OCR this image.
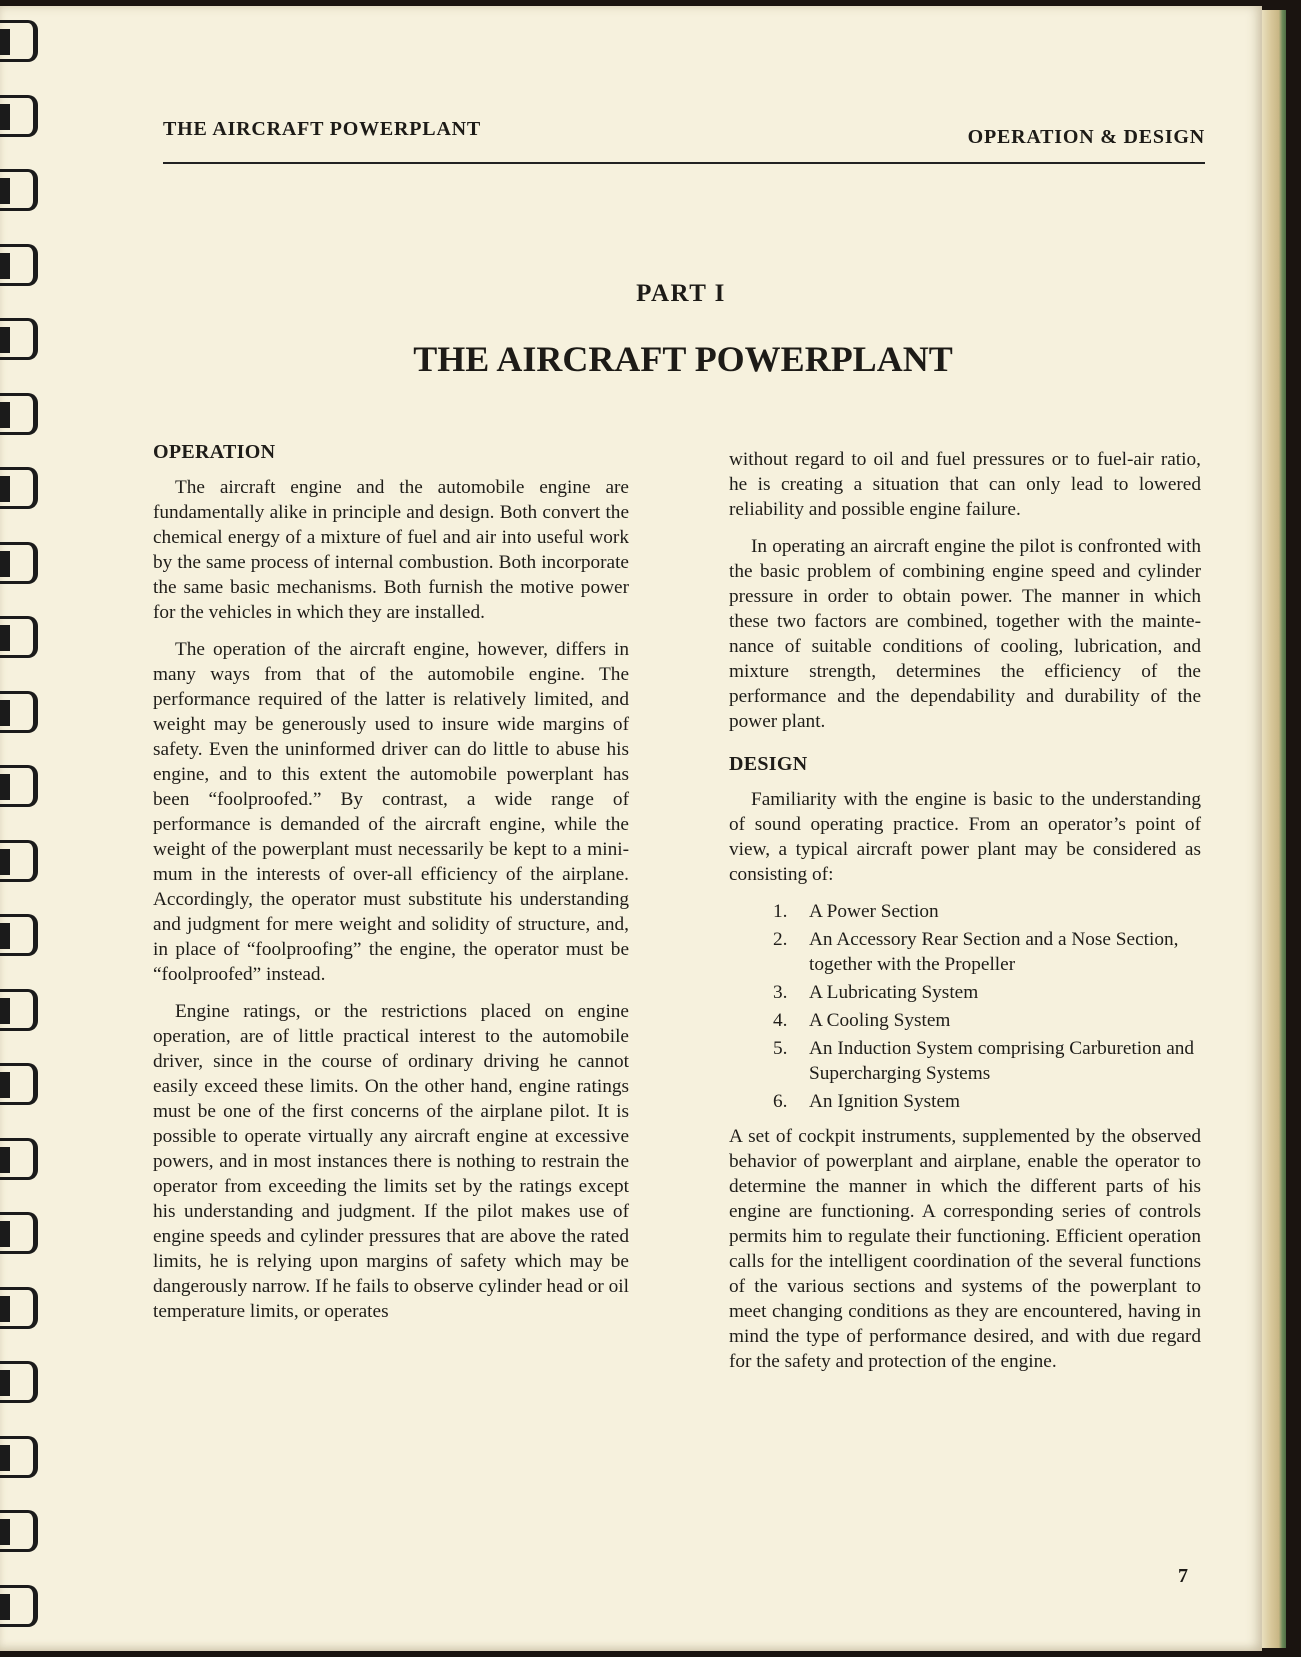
THE AIRCRAFT POWERPLANT	OPERATION & DESIGN
PART I
THE AIRCRAFT POWERPLANT
OPERATION

The aircraft engine and the automobile engine are fundamentally alike in principle and design. Both convert the chemical energy of a mixture of fuel and air into useful work by the same process of internal combustion. Both incorporate the same basic mechanisms. Both furnish the motive power for the vehicles in which they are installed.

The operation of the aircraft engine, however, differs in many ways from that of the automobile engine. The performance required of the latter is relatively limited, and weight may be generously used to insure wide margins of safety. Even the uninformed driver can do little to abuse his engine, and to this extent the automobile powerplant has been “foolproofed.” By contrast, a wide range of performance is demanded of the aircraft engine, while the weight of the powerplant must necessarily be kept to a minimum in the interests of over-all efficiency of the airplane. Accordingly, the operator must substitute his understanding and judgment for mere weight and solidity of structure, and, in place of “foolproofing” the engine, the operator must be “foolproofed” instead.

Engine ratings, or the restrictions placed on engine operation, are of little practical interest to the automobile driver, since in the course of ordinary driving he cannot easily exceed these limits. On the other hand, engine ratings must be one of the first concerns of the airplane pilot. It is possible to operate virtually any aircraft engine at excessive powers, and in most instances there is nothing to restrain the operator from exceeding the limits set by the ratings except his understanding and judgment. If the pilot makes use of engine speeds and cylinder pressures that are above the rated limits, he is relying upon margins of safety which may be dangerously narrow. If he fails to observe cylinder head or oil temperature limits, or operates

without regard to oil and fuel pressures or to fuel-air ratio, he is creating a situation that can only lead to lowered reliability and possible engine failure.

In operating an aircraft engine the pilot is confronted with the basic problem of combining engine speed and cylinder pressure in order to obtain power. The manner in which these two factors are combined, together with the maintenance of suitable conditions of cooling, lubrication, and mixture strength, determines the efficiency of the performance and the dependability and durability of the power plant.

DESIGN

Familiarity with the engine is basic to the understanding of sound operating practice. From an operator’s point of view, a typical aircraft power plant may be considered as consisting of:

1. A Power Section
2. An Accessory Rear Section and a Nose Section, together with the Propeller
3. A Lubricating System
4. A Cooling System
5. An Induction System comprising Carburetion and Supercharging Systems
6. An Ignition System

A set of cockpit instruments, supplemented by the observed behavior of powerplant and airplane, enable the operator to determine the manner in which the different parts of his engine are functioning. A corresponding series of controls permits him to regulate their functioning. Efficient operation calls for the intelligent coordination of the several functions of the various sections and systems of the powerplant to meet changing conditions as they are encountered, having in mind the type of performance desired, and with due regard for the safety and protection of the engine.

7
